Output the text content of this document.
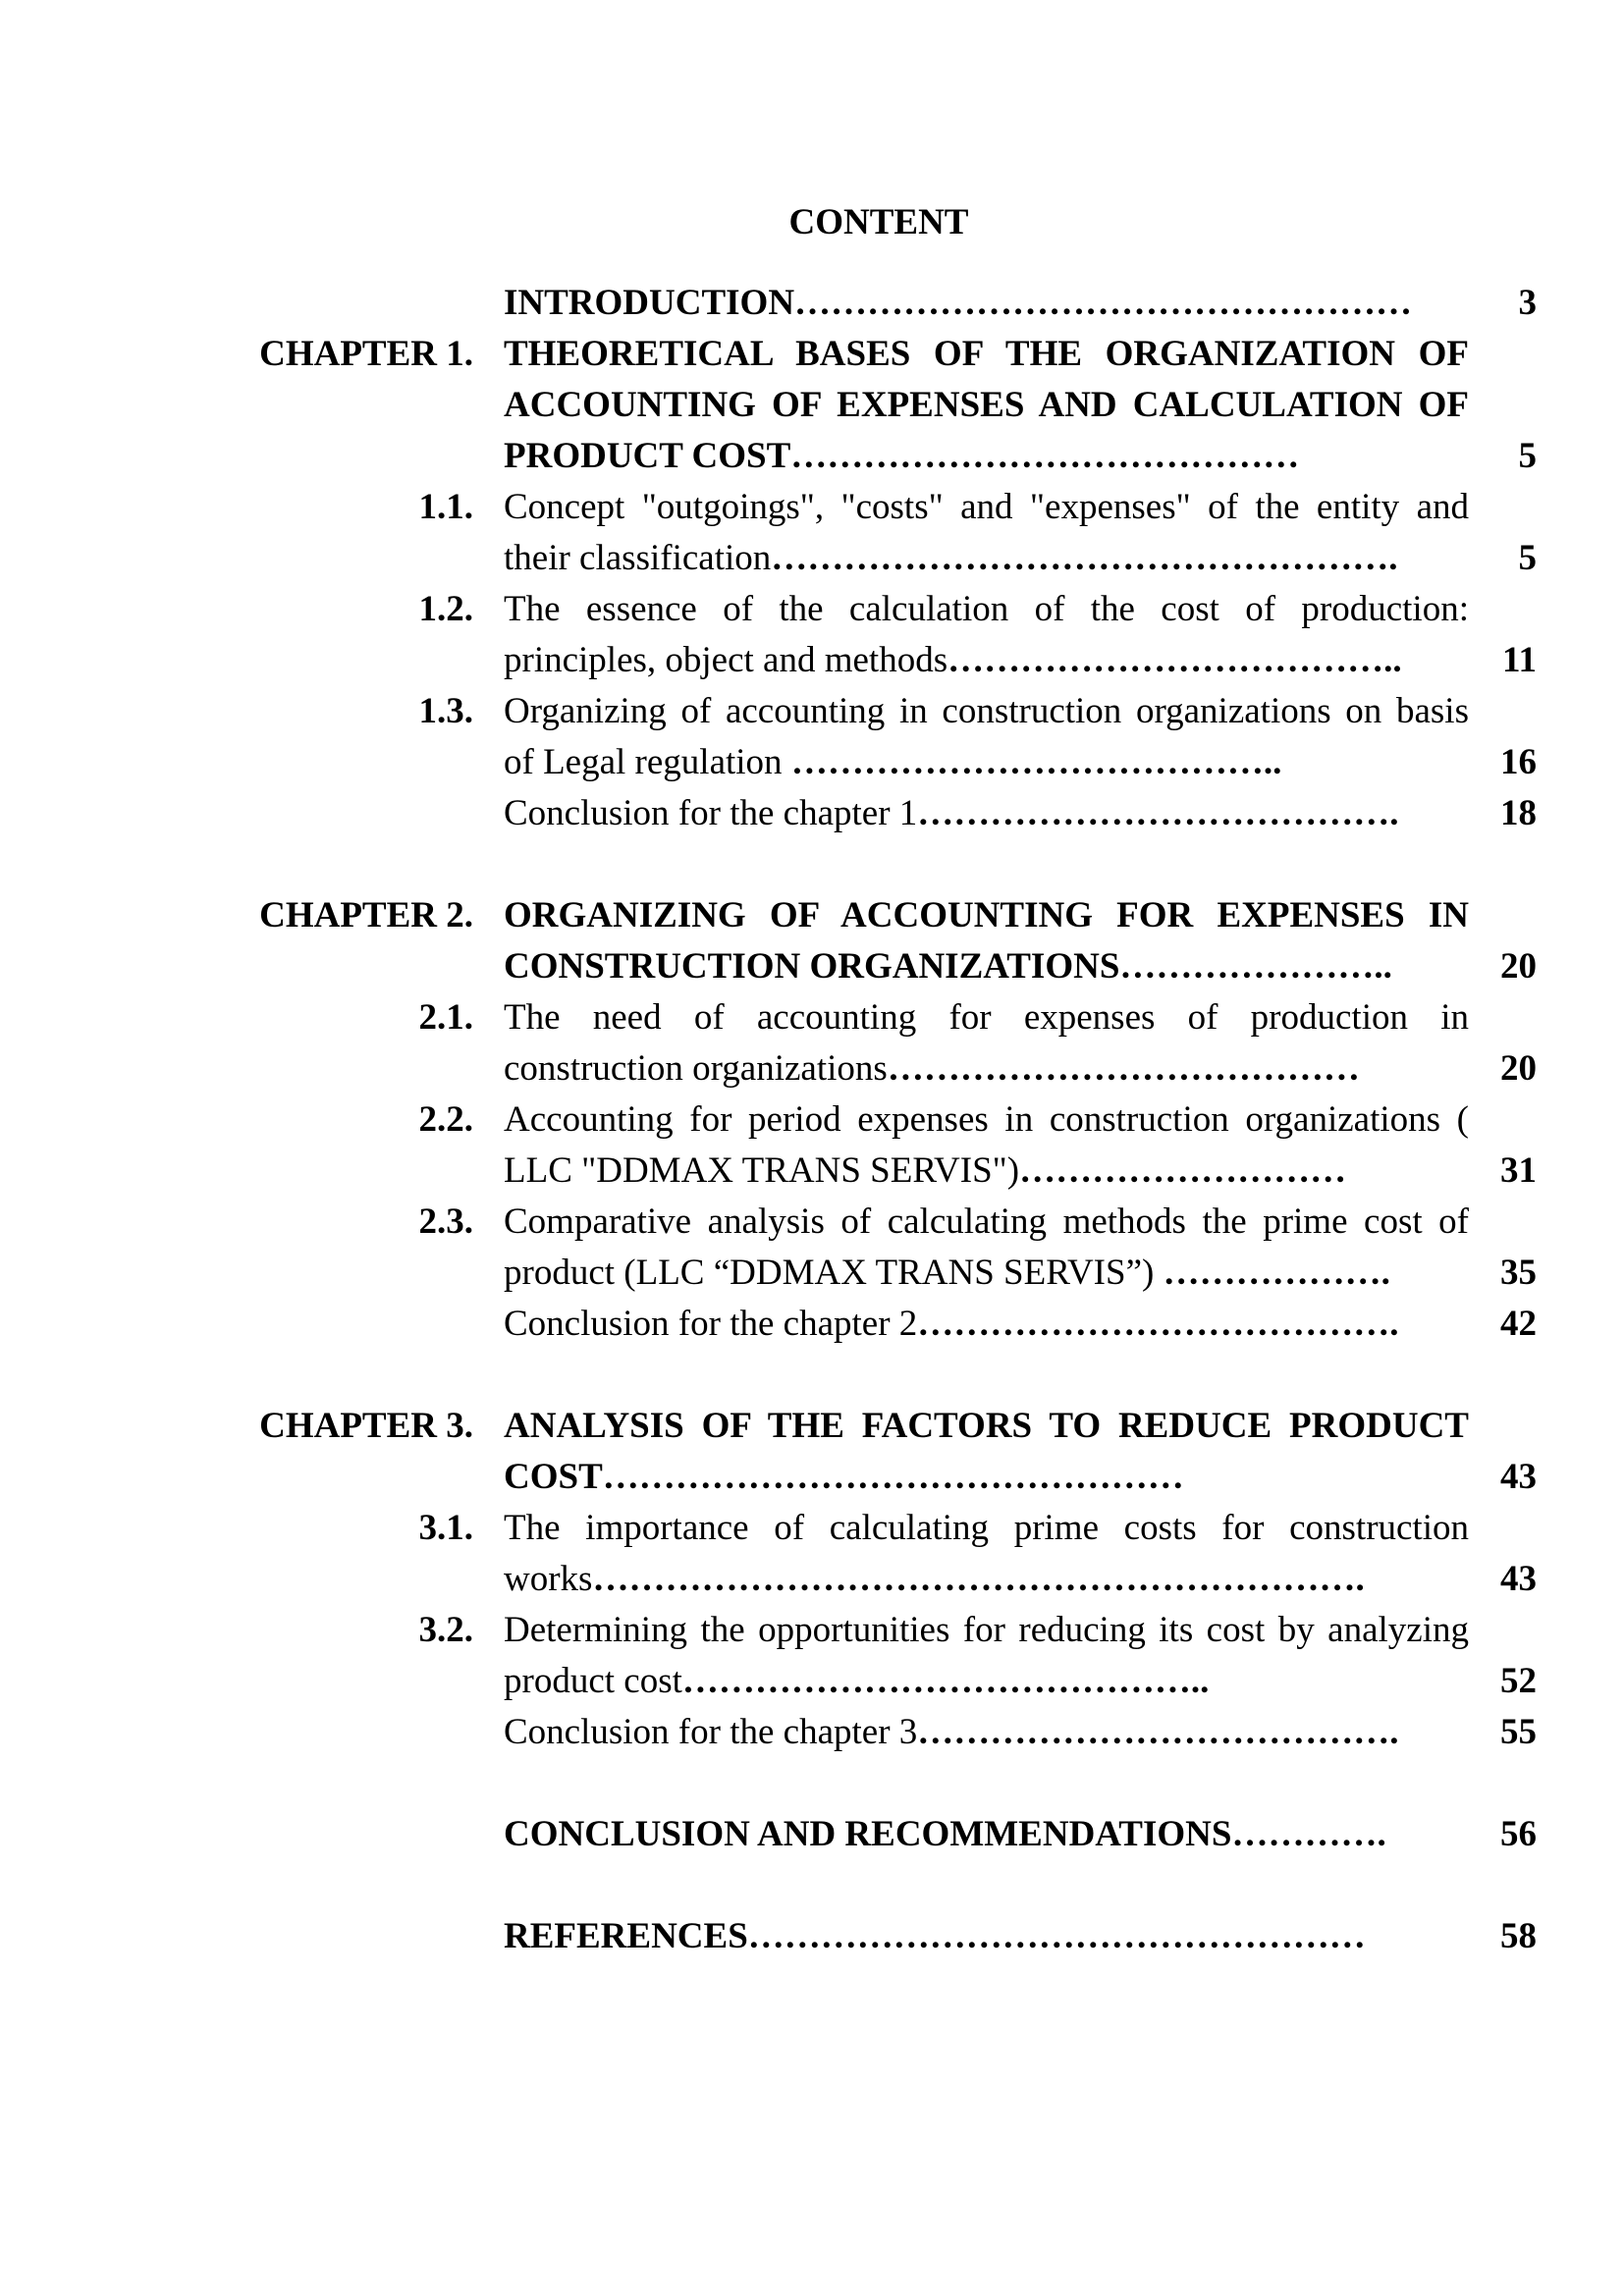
CONTENT
INTRODUCTION……………………………………………	3
CHAPTER 1. THEORETICAL BASES OF THE ORGANIZATION OF ACCOUNTING OF EXPENSES AND CALCULATION OF PRODUCT COST……………………………………	5
1.1. Concept "outgoings", "costs" and "expenses" of the entity and their classification…………………………………………….	5
1.2. The essence of the calculation of the cost of production: principles, object and methods………………………………..	11
1.3. Organizing of accounting in construction organizations on basis of Legal regulation …………………………………..	16
Conclusion for the chapter 1………………………………….	18
CHAPTER 2. ORGANIZING OF ACCOUNTING FOR EXPENSES IN CONSTRUCTION ORGANIZATIONS…………………..	20
2.1. The need of accounting for expenses of production in construction organizations…………………………………	20
2.2. Accounting for period expenses in construction organizations ( LLC "DDMAX TRANS SERVIS")………………………	31
2.3. Comparative analysis of calculating methods the prime cost of product (LLC “DDMAX TRANS SERVIS”) ……………….	35
Conclusion for the chapter 2………………………………….	42
CHAPTER 3. ANALYSIS OF THE FACTORS TO REDUCE PRODUCT COST…………………………………………	43
3.1. The importance of calculating prime costs for construction works……………………………………………………….	43
3.2. Determining the opportunities for reducing its cost by analyzing product cost……………………………………..	52
Conclusion for the chapter 3………………………………….	55
CONCLUSION AND RECOMMENDATIONS………….	56
REFERENCES……………………………………………	58
